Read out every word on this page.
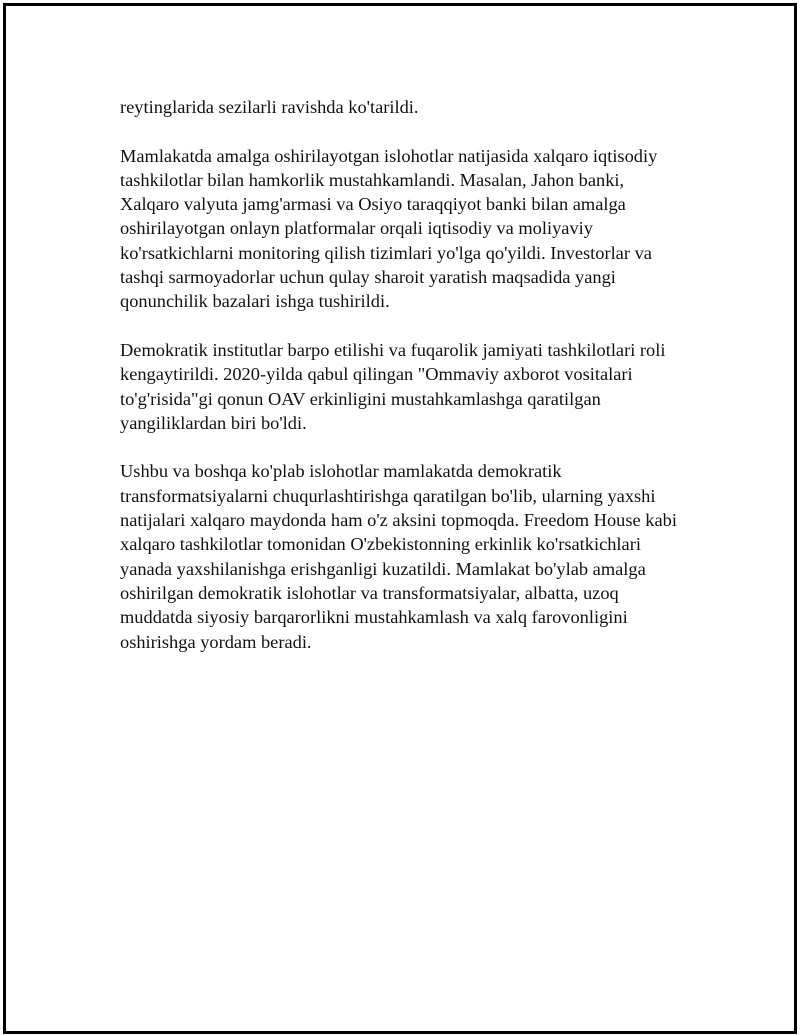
reytinglarida sezilarli ravishda ko'tarildi.

Mamlakatda amalga oshirilayotgan islohotlar natijasida xalqaro iqtisodiy
tashkilotlar bilan hamkorlik mustahkamlandi. Masalan, Jahon banki,
Xalqaro valyuta jamg'armasi va Osiyo taraqqiyot banki bilan amalga
oshirilayotgan onlayn platformalar orqali iqtisodiy va moliyaviy
ko'rsatkichlarni monitoring qilish tizimlari yo'lga qo'yildi. Investorlar va
tashqi sarmoyadorlar uchun qulay sharoit yaratish maqsadida yangi
qonunchilik bazalari ishga tushirildi.

Demokratik institutlar barpo etilishi va fuqarolik jamiyati tashkilotlari roli
kengaytirildi. 2020-yilda qabul qilingan "Ommaviy axborot vositalari
to'g'risida"gi qonun OAV erkinligini mustahkamlashga qaratilgan
yangiliklardan biri bo'ldi.

Ushbu va boshqa ko'plab islohotlar mamlakatda demokratik
transformatsiyalarni chuqurlashtirishga qaratilgan bo'lib, ularning yaxshi
natijalari xalqaro maydonda ham o'z aksini topmoqda. Freedom House kabi
xalqaro tashkilotlar tomonidan O'zbekistonning erkinlik ko'rsatkichlari
yanada yaxshilanishga erishganligi kuzatildi. Mamlakat bo'ylab amalga
oshirilgan demokratik islohotlar va transformatsiyalar, albatta, uzoq
muddatda siyosiy barqarorlikni mustahkamlash va xalq farovonligini
oshirishga yordam beradi.
